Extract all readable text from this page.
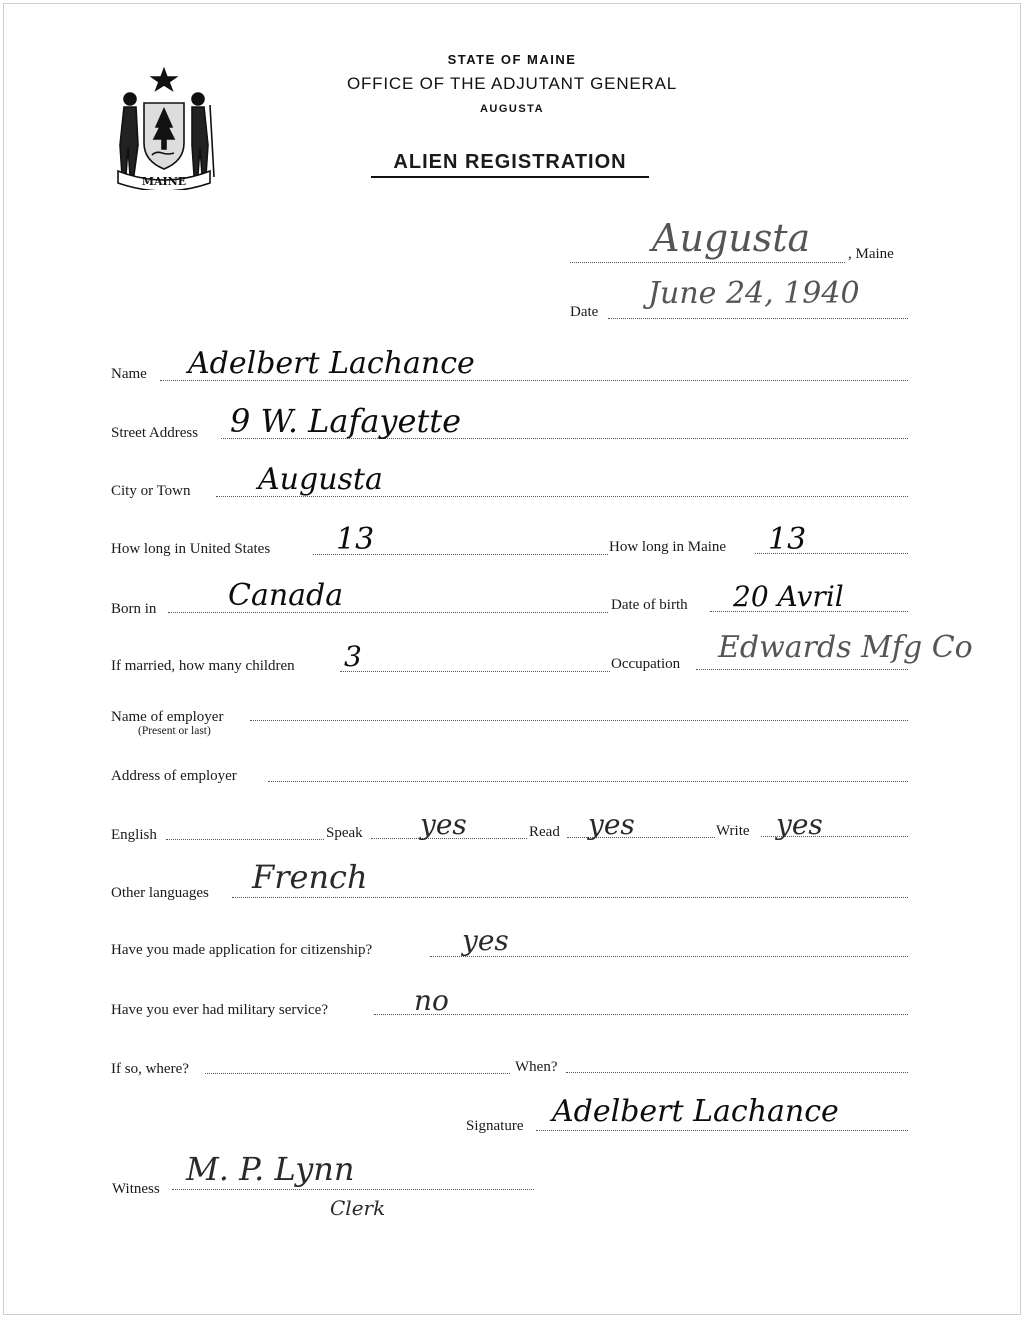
MAINE
STATE OF MAINE
OFFICE OF THE ADJUTANT GENERAL
AUGUSTA
ALIEN REGISTRATION
Augusta	, Maine
Date
June 24, 1940
Name Adelbert Lachance
Street Address 9 W. Lafayette
City or Town Augusta
How long in United States 13	How long in Maine 13
Born in Canada	Date of birth 20 Avril
If married, how many children 3	Occupation Edwards Mfg Co
Name of employer
(Present or last)
Address of employer
English	Speak yes	Read yes	Write yes
Other languages French
Have you made application for citizenship?	yes
Have you ever had military service?	no
If so, where?	When?
Signature Adelbert Lachance
Witness
M. P. Lynn
Clerk
